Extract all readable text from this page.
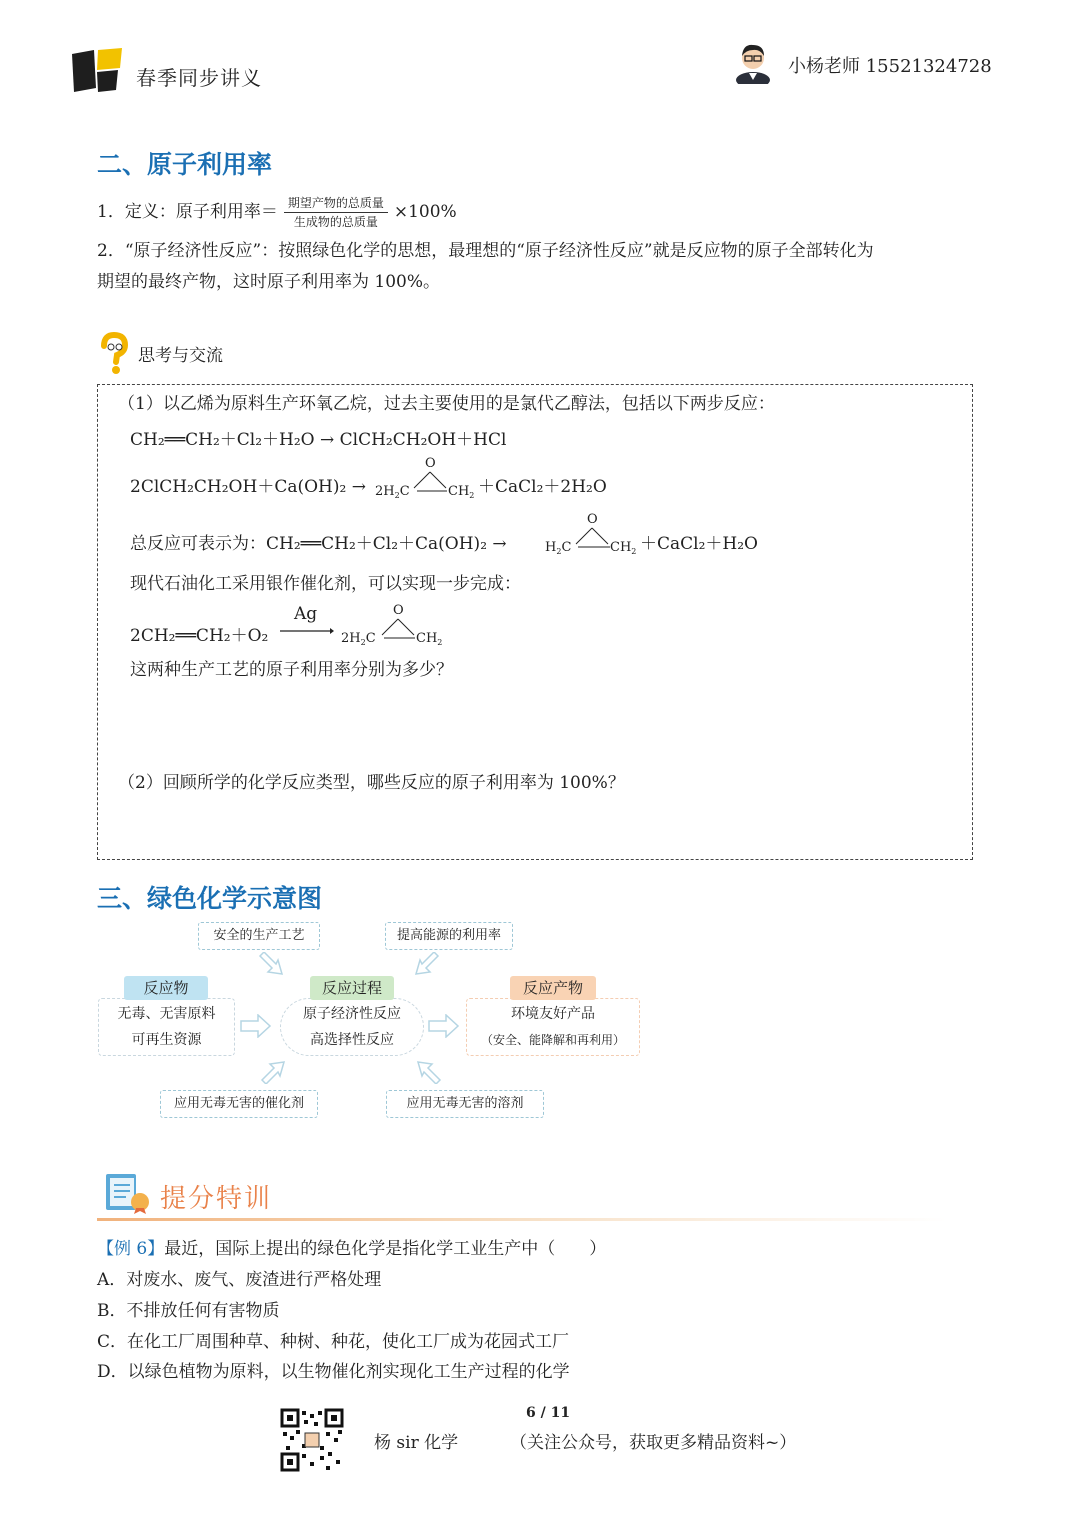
春季同步讲义	小杨老师 15521324728
二、原子利用率
1．定义：原子利用率＝ $\frac{\text{期望产物的总质量}}{\text{生成物的总质量}} \times 100\%$
2．“原子经济性反应”：按照绿色化学的思想，最理想的“原子经济性反应”就是反应物的原子全部转化为
期望的最终产物，这时原子利用率为 100%。
思考与交流
（1）以乙烯为原料生产环氧乙烷，过去主要使用的是氯代乙醇法，包括以下两步反应：
CH₂══CH₂＋Cl₂＋H₂O → ClCH₂CH₂OH＋HCl
2ClCH₂CH₂OH＋Ca(OH)₂ →
O
$2H_2C$	$CH_2$ ＋CaCl₂＋2H₂O
总反应可表示为：CH₂══CH₂＋Cl₂＋Ca(OH)₂ →
O
$H_2C$	$CH_2$ ＋CaCl₂＋H₂O
现代石油化工采用银作催化剂，可以实现一步完成：
2CH₂══CH₂＋O₂
Ag	O
$2H_2C$	$CH_2$
这两种生产工艺的原子利用率分别为多少？
（2）回顾所学的化学反应类型，哪些反应的原子利用率为 100%？
三、绿色化学示意图
安全的生产工艺	提高能源的利用率
无毒、无害原料
可再生资源
反应物
原子经济性反应
高选择性反应
反应过程
环境友好产品
（安全、能降解和再利用）
反应产物
应用无毒无害的催化剂	应用无毒无害的溶剂
提分特训
【例 6】最近，国际上提出的绿色化学是指化学工业生产中（　　）
A．对废水、废气、废渣进行严格处理
B．不排放任何有害物质
C．在化工厂周围种草、种树、种花，使化工厂成为花园式工厂
D．以绿色植物为原料，以生物催化剂实现化工生产过程的化学
6 / 11
杨 sir 化学	（关注公众号，获取更多精品资料~）
